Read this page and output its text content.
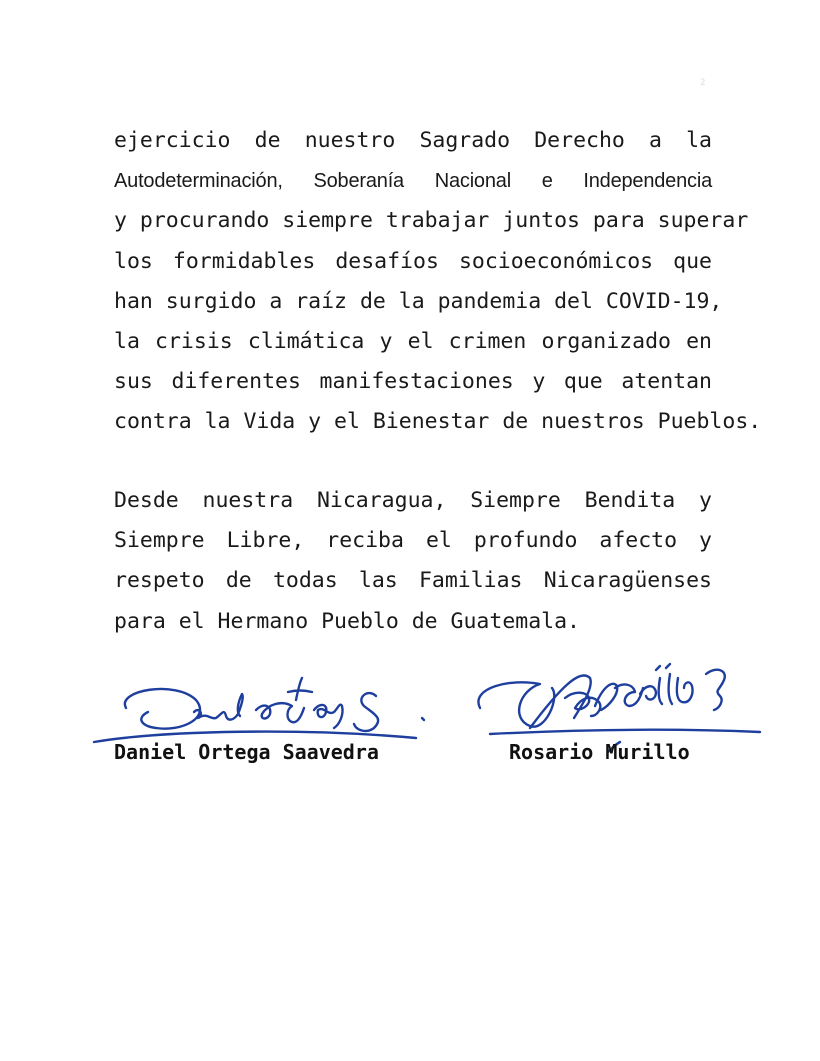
2
ejercicio de nuestro Sagrado Derecho a la
Autodeterminación, Soberanía Nacional e Independencia
y procurando siempre trabajar juntos para superar
los formidables desafíos socioeconómicos que
han surgido a raíz de la pandemia del COVID-19,
la crisis climática y el crimen organizado en
sus diferentes manifestaciones y que atentan
contra la Vida y el Bienestar de nuestros Pueblos.
Desde nuestra Nicaragua, Siempre Bendita y
Siempre Libre, reciba el profundo afecto y
respeto de todas las Familias Nicaragüenses
para el Hermano Pueblo de Guatemala.
Daniel Ortega Saavedra	Rosario Murillo
